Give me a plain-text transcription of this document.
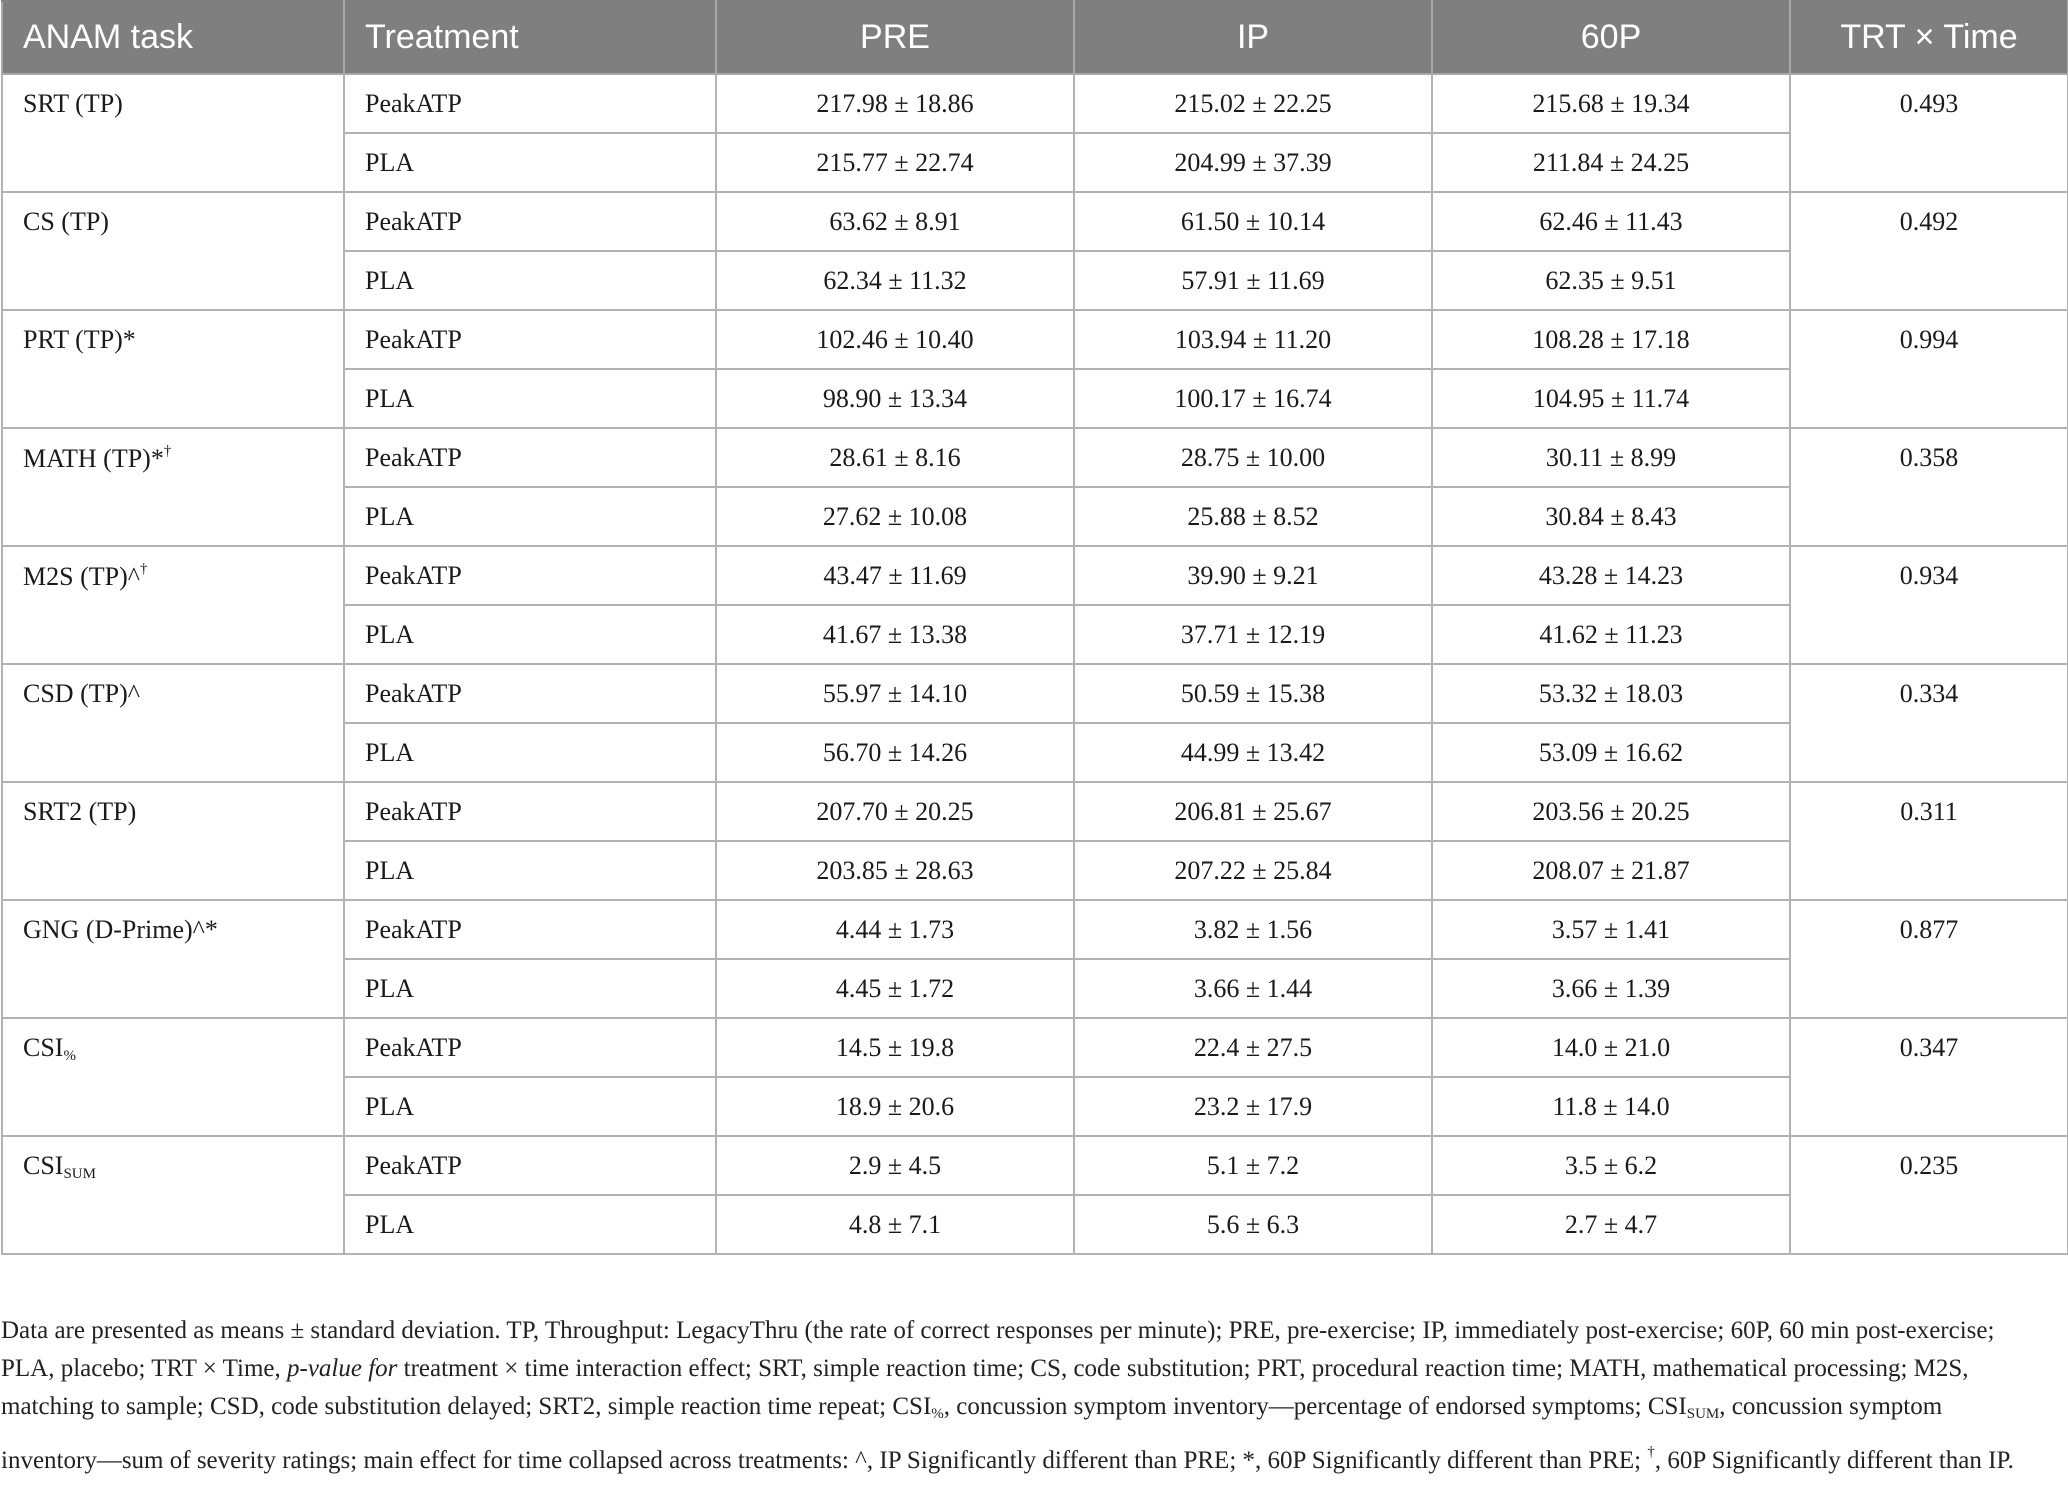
ANAM task	Treatment	PRE	IP	60P	TRT × Time
SRT (TP)	PeakATP	217.98 ± 18.86	215.02 ± 22.25	215.68 ± 19.34	0.493
	PLA	215.77 ± 22.74	204.99 ± 37.39	211.84 ± 24.25	
CS (TP)	PeakATP	63.62 ± 8.91	61.50 ± 10.14	62.46 ± 11.43	0.492
	PLA	62.34 ± 11.32	57.91 ± 11.69	62.35 ± 9.51	
PRT (TP)*	PeakATP	102.46 ± 10.40	103.94 ± 11.20	108.28 ± 17.18	0.994
	PLA	98.90 ± 13.34	100.17 ± 16.74	104.95 ± 11.74	
MATH (TP)*†	PeakATP	28.61 ± 8.16	28.75 ± 10.00	30.11 ± 8.99	0.358
	PLA	27.62 ± 10.08	25.88 ± 8.52	30.84 ± 8.43	
M2S (TP)^†	PeakATP	43.47 ± 11.69	39.90 ± 9.21	43.28 ± 14.23	0.934
	PLA	41.67 ± 13.38	37.71 ± 12.19	41.62 ± 11.23	
CSD (TP)^	PeakATP	55.97 ± 14.10	50.59 ± 15.38	53.32 ± 18.03	0.334
	PLA	56.70 ± 14.26	44.99 ± 13.42	53.09 ± 16.62	
SRT2 (TP)	PeakATP	207.70 ± 20.25	206.81 ± 25.67	203.56 ± 20.25	0.311
	PLA	203.85 ± 28.63	207.22 ± 25.84	208.07 ± 21.87	
GNG (D-Prime)^*	PeakATP	4.44 ± 1.73	3.82 ± 1.56	3.57 ± 1.41	0.877
	PLA	4.45 ± 1.72	3.66 ± 1.44	3.66 ± 1.39	
$CSI_{\%}$	PeakATP	14.5 ± 19.8	22.4 ± 27.5	14.0 ± 21.0	0.347
	PLA	18.9 ± 20.6	23.2 ± 17.9	11.8 ± 14.0	
$CSI_{SUM}$	PeakATP	2.9 ± 4.5	5.1 ± 7.2	3.5 ± 6.2	0.235
	PLA	4.8 ± 7.1	5.6 ± 6.3	2.7 ± 4.7	

Data are presented as means ± standard deviation. TP, Throughput: LegacyThru (the rate of correct responses per minute); PRE, pre-exercise; IP, immediately post-exercise; 60P, 60 min post-exercise; PLA, placebo; TRT × Time, p-value for treatment × time interaction effect; SRT, simple reaction time; CS, code substitution; PRT, procedural reaction time; MATH, mathematical processing; M2S, matching to sample; CSD, code substitution delayed; SRT2, simple reaction time repeat; $CSI_{\%}$, concussion symptom inventory—percentage of endorsed symptoms; $CSI_{SUM}$, concussion symptom inventory—sum of severity ratings; main effect for time collapsed across treatments: ^, IP Significantly different than PRE; *, 60P Significantly different than PRE; †, 60P Significantly different than IP.
